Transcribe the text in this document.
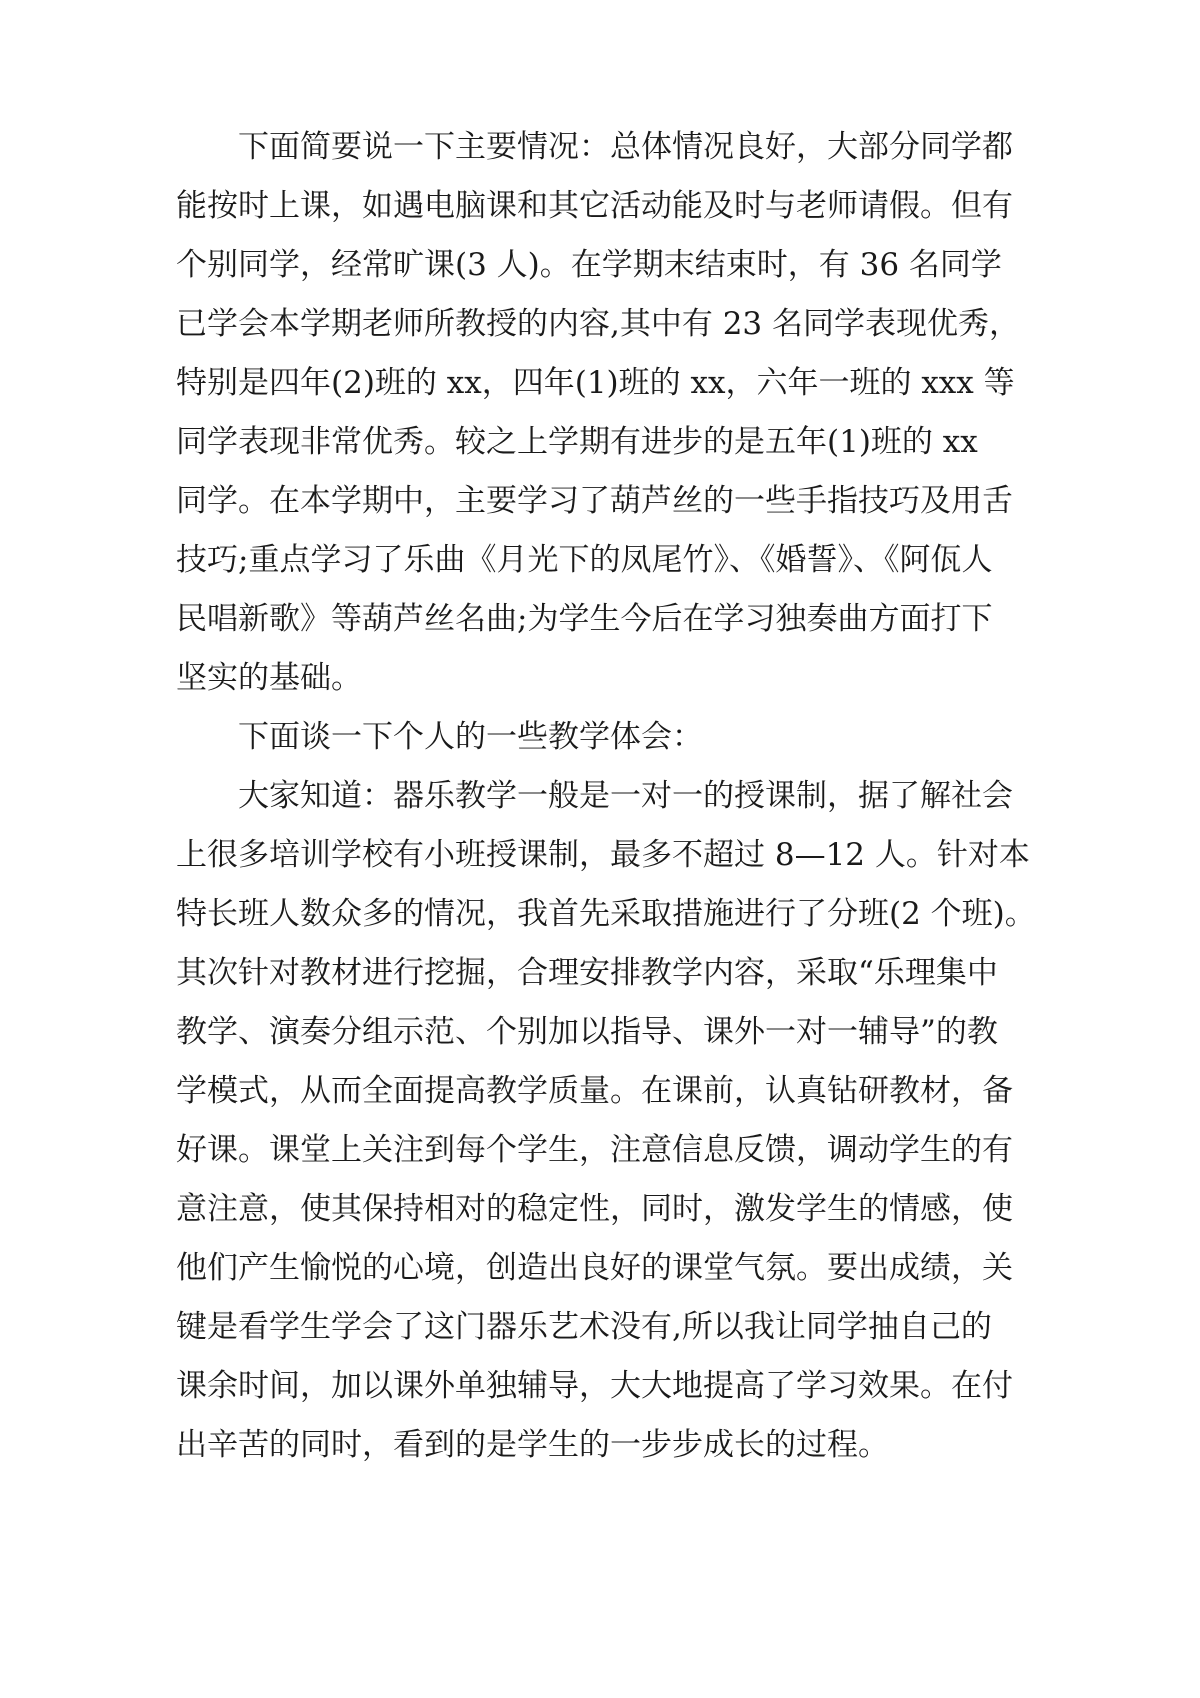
下面简要说一下主要情况：总体情况良好，大部分同学都
能按时上课，如遇电脑课和其它活动能及时与老师请假。但有
个别同学，经常旷课(3 人)。在学期末结束时，有 36 名同学
已学会本学期老师所教授的内容,其中有 23 名同学表现优秀，
特别是四年(2)班的 xx，四年(1)班的 xx，六年一班的 xxx 等
同学表现非常优秀。较之上学期有进步的是五年(1)班的 xx
同学。在本学期中，主要学习了葫芦丝的一些手指技巧及用舌
技巧;重点学习了乐曲《月光下的凤尾竹》、《婚誓》、《阿佤人
民唱新歌》等葫芦丝名曲;为学生今后在学习独奏曲方面打下
坚实的基础。
下面谈一下个人的一些教学体会：
大家知道：器乐教学一般是一对一的授课制，据了解社会
上很多培训学校有小班授课制，最多不超过 8—12 人。针对本
特长班人数众多的情况，我首先采取措施进行了分班(2 个班)。
其次针对教材进行挖掘，合理安排教学内容，采取“乐理集中
教学、演奏分组示范、个别加以指导、课外一对一辅导”的教
学模式，从而全面提高教学质量。在课前，认真钻研教材，备
好课。课堂上关注到每个学生，注意信息反馈，调动学生的有
意注意，使其保持相对的稳定性，同时，激发学生的情感，使
他们产生愉悦的心境，创造出良好的课堂气氛。要出成绩，关
键是看学生学会了这门器乐艺术没有,所以我让同学抽自己的
课余时间，加以课外单独辅导，大大地提高了学习效果。在付
出辛苦的同时，看到的是学生的一步步成长的过程。
